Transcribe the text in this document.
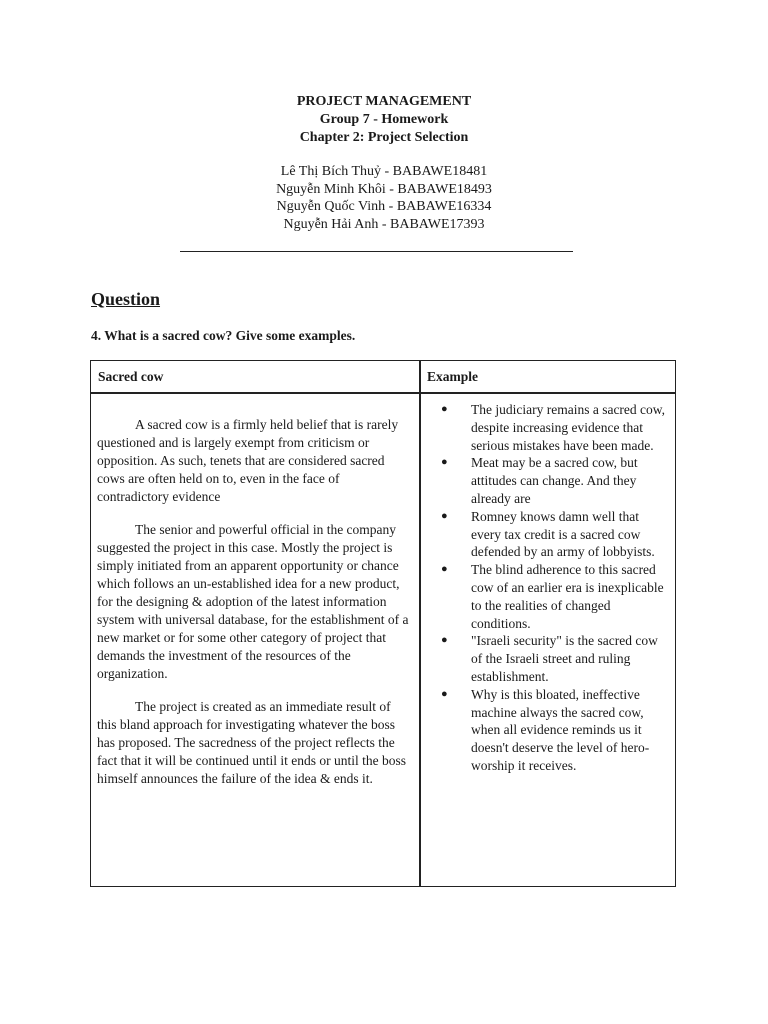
PROJECT MANAGEMENT
Group 7 - Homework
Chapter 2: Project Selection
Lê Thị Bích Thuỷ - BABAWE18481
Nguyễn Minh Khôi - BABAWE18493
Nguyễn Quốc Vinh - BABAWE16334
Nguyễn Hải Anh - BABAWE17393
Question

4. What is a sacred cow? Give some examples.

Sacred cow	Example

A sacred cow is a firmly held belief that is rarely questioned and is largely exempt from criticism or opposition. As such, tenets that are considered sacred cows are often held on to, even in the face of contradictory evidence

The senior and powerful official in the company suggested the project in this case. Mostly the project is simply initiated from an apparent opportunity or chance which follows an un-established idea for a new product, for the designing & adoption of the latest information system with universal database, for the establishment of a new market or for some other category of project that demands the investment of the resources of the organization.

The project is created as an immediate result of this bland approach for investigating whatever the boss has proposed. The sacredness of the project reflects the fact that it will be continued until it ends or until the boss himself announces the failure of the idea & ends it.

● The judiciary remains a sacred cow, despite increasing evidence that serious mistakes have been made.
● Meat may be a sacred cow, but attitudes can change. And they already are
● Romney knows damn well that every tax credit is a sacred cow defended by an army of lobbyists.
● The blind adherence to this sacred cow of an earlier era is inexplicable to the realities of changed conditions.
● "Israeli security" is the sacred cow of the Israeli street and ruling establishment.
● Why is this bloated, ineffective machine always the sacred cow, when all evidence reminds us it doesn't deserve the level of hero-worship it receives.
